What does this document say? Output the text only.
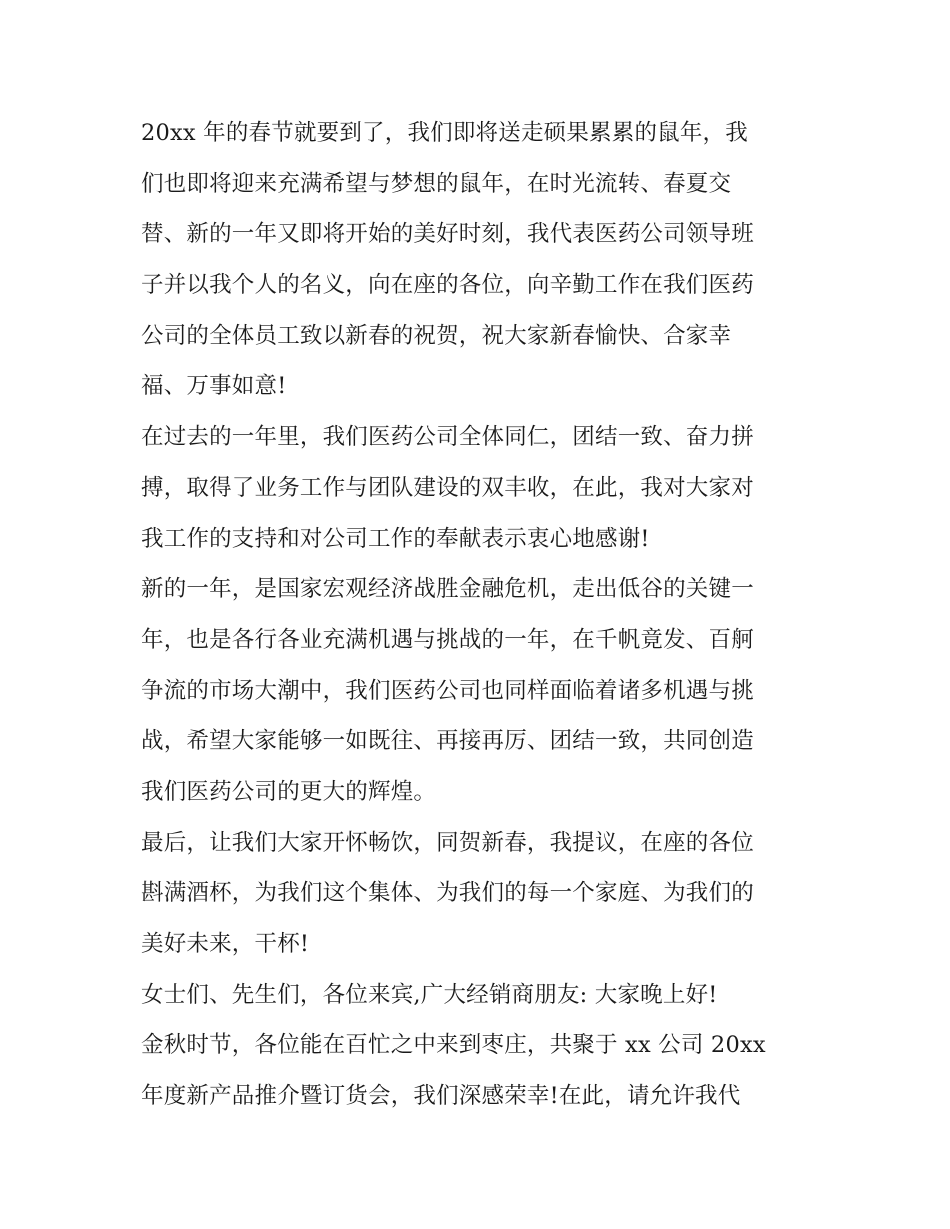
20xx 年的春节就要到了，我们即将送走硕果累累的鼠年，我
们也即将迎来充满希望与梦想的鼠年，在时光流转、春夏交
替、新的一年又即将开始的美好时刻，我代表医药公司领导班
子并以我个人的名义，向在座的各位，向辛勤工作在我们医药
公司的全体员工致以新春的祝贺，祝大家新春愉快、合家幸
福、万事如意!
在过去的一年里，我们医药公司全体同仁，团结一致、奋力拼
搏，取得了业务工作与团队建设的双丰收，在此，我对大家对
我工作的支持和对公司工作的奉献表示衷心地感谢!
新的一年，是国家宏观经济战胜金融危机，走出低谷的关键一
年，也是各行各业充满机遇与挑战的一年，在千帆竟发、百舸
争流的市场大潮中，我们医药公司也同样面临着诸多机遇与挑
战，希望大家能够一如既往、再接再厉、团结一致，共同创造
我们医药公司的更大的辉煌。
最后，让我们大家开怀畅饮，同贺新春，我提议，在座的各位
斟满酒杯，为我们这个集体、为我们的每一个家庭、为我们的
美好未来，干杯!
女士们、先生们，各位来宾,广大经销商朋友: 大家晚上好!
金秋时节，各位能在百忙之中来到枣庄，共聚于 xx 公司 20xx
年度新产品推介暨订货会，我们深感荣幸!在此，请允许我代
